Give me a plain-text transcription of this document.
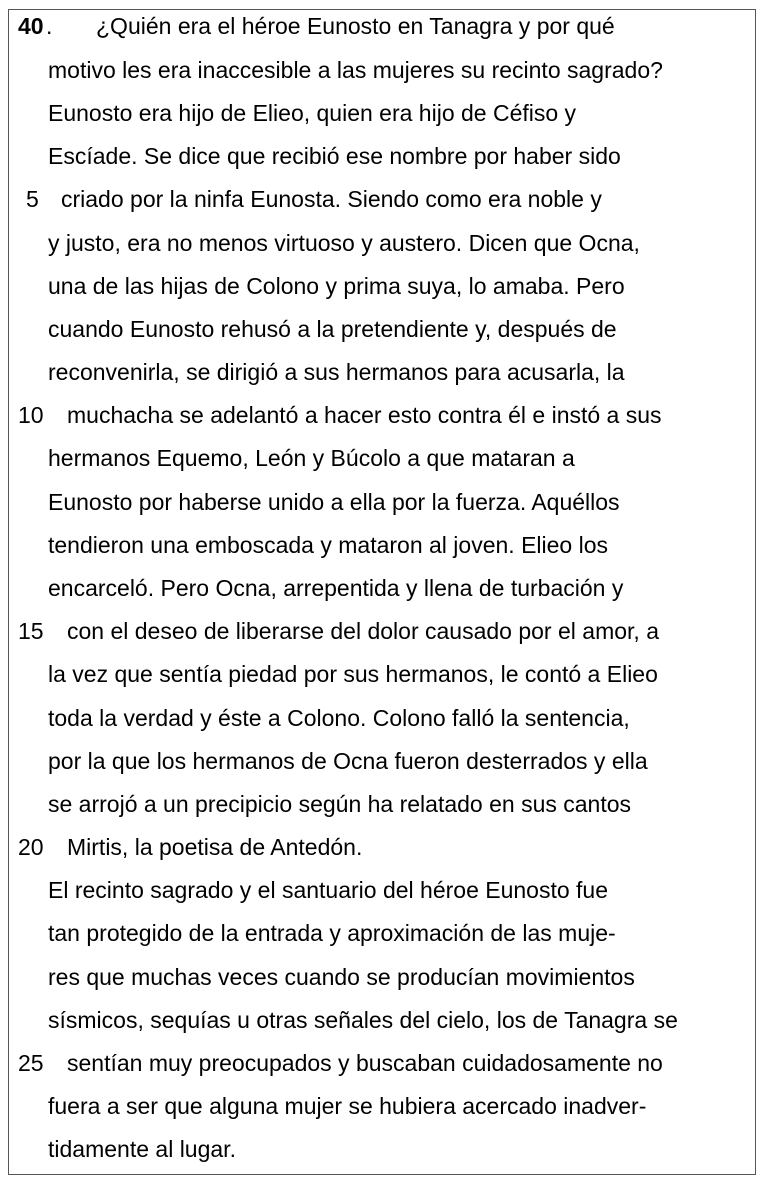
40 . ¿Quién era el héroe Eunosto en Tanagra y por qué
motivo les era inaccesible a las mujeres su recinto sagrado?
Eunosto era hijo de Elieo, quien era hijo de Céfiso y
Escíade. Se dice que recibió ese nombre por haber sido
5 criado por la ninfa Eunosta. Siendo como era noble y
y justo, era no menos virtuoso y austero. Dicen que Ocna,
una de las hijas de Colono y prima suya, lo amaba. Pero
cuando Eunosto rehusó a la pretendiente y, después de
reconvenirla, se dirigió a sus hermanos para acusarla, la
10 muchacha se adelantó a hacer esto contra él e instó a sus
hermanos Equemo, León y Búcolo a que mataran a
Eunosto por haberse unido a ella por la fuerza. Aquéllos
tendieron una emboscada y mataron al joven. Elieo los
encarceló. Pero Ocna, arrepentida y llena de turbación y
15 con el deseo de liberarse del dolor causado por el amor, a
la vez que sentía piedad por sus hermanos, le contó a Elieo
toda la verdad y éste a Colono. Colono falló la sentencia,
por la que los hermanos de Ocna fueron desterrados y ella
se arrojó a un precipicio según ha relatado en sus cantos
20 Mirtis, la poetisa de Antedón.
El recinto sagrado y el santuario del héroe Eunosto fue
tan protegido de la entrada y aproximación de las muje-
res que muchas veces cuando se producían movimientos
sísmicos, sequías u otras señales del cielo, los de Tanagra se
25 sentían muy preocupados y buscaban cuidadosamente no
fuera a ser que alguna mujer se hubiera acercado inadver-
tidamente al lugar.
